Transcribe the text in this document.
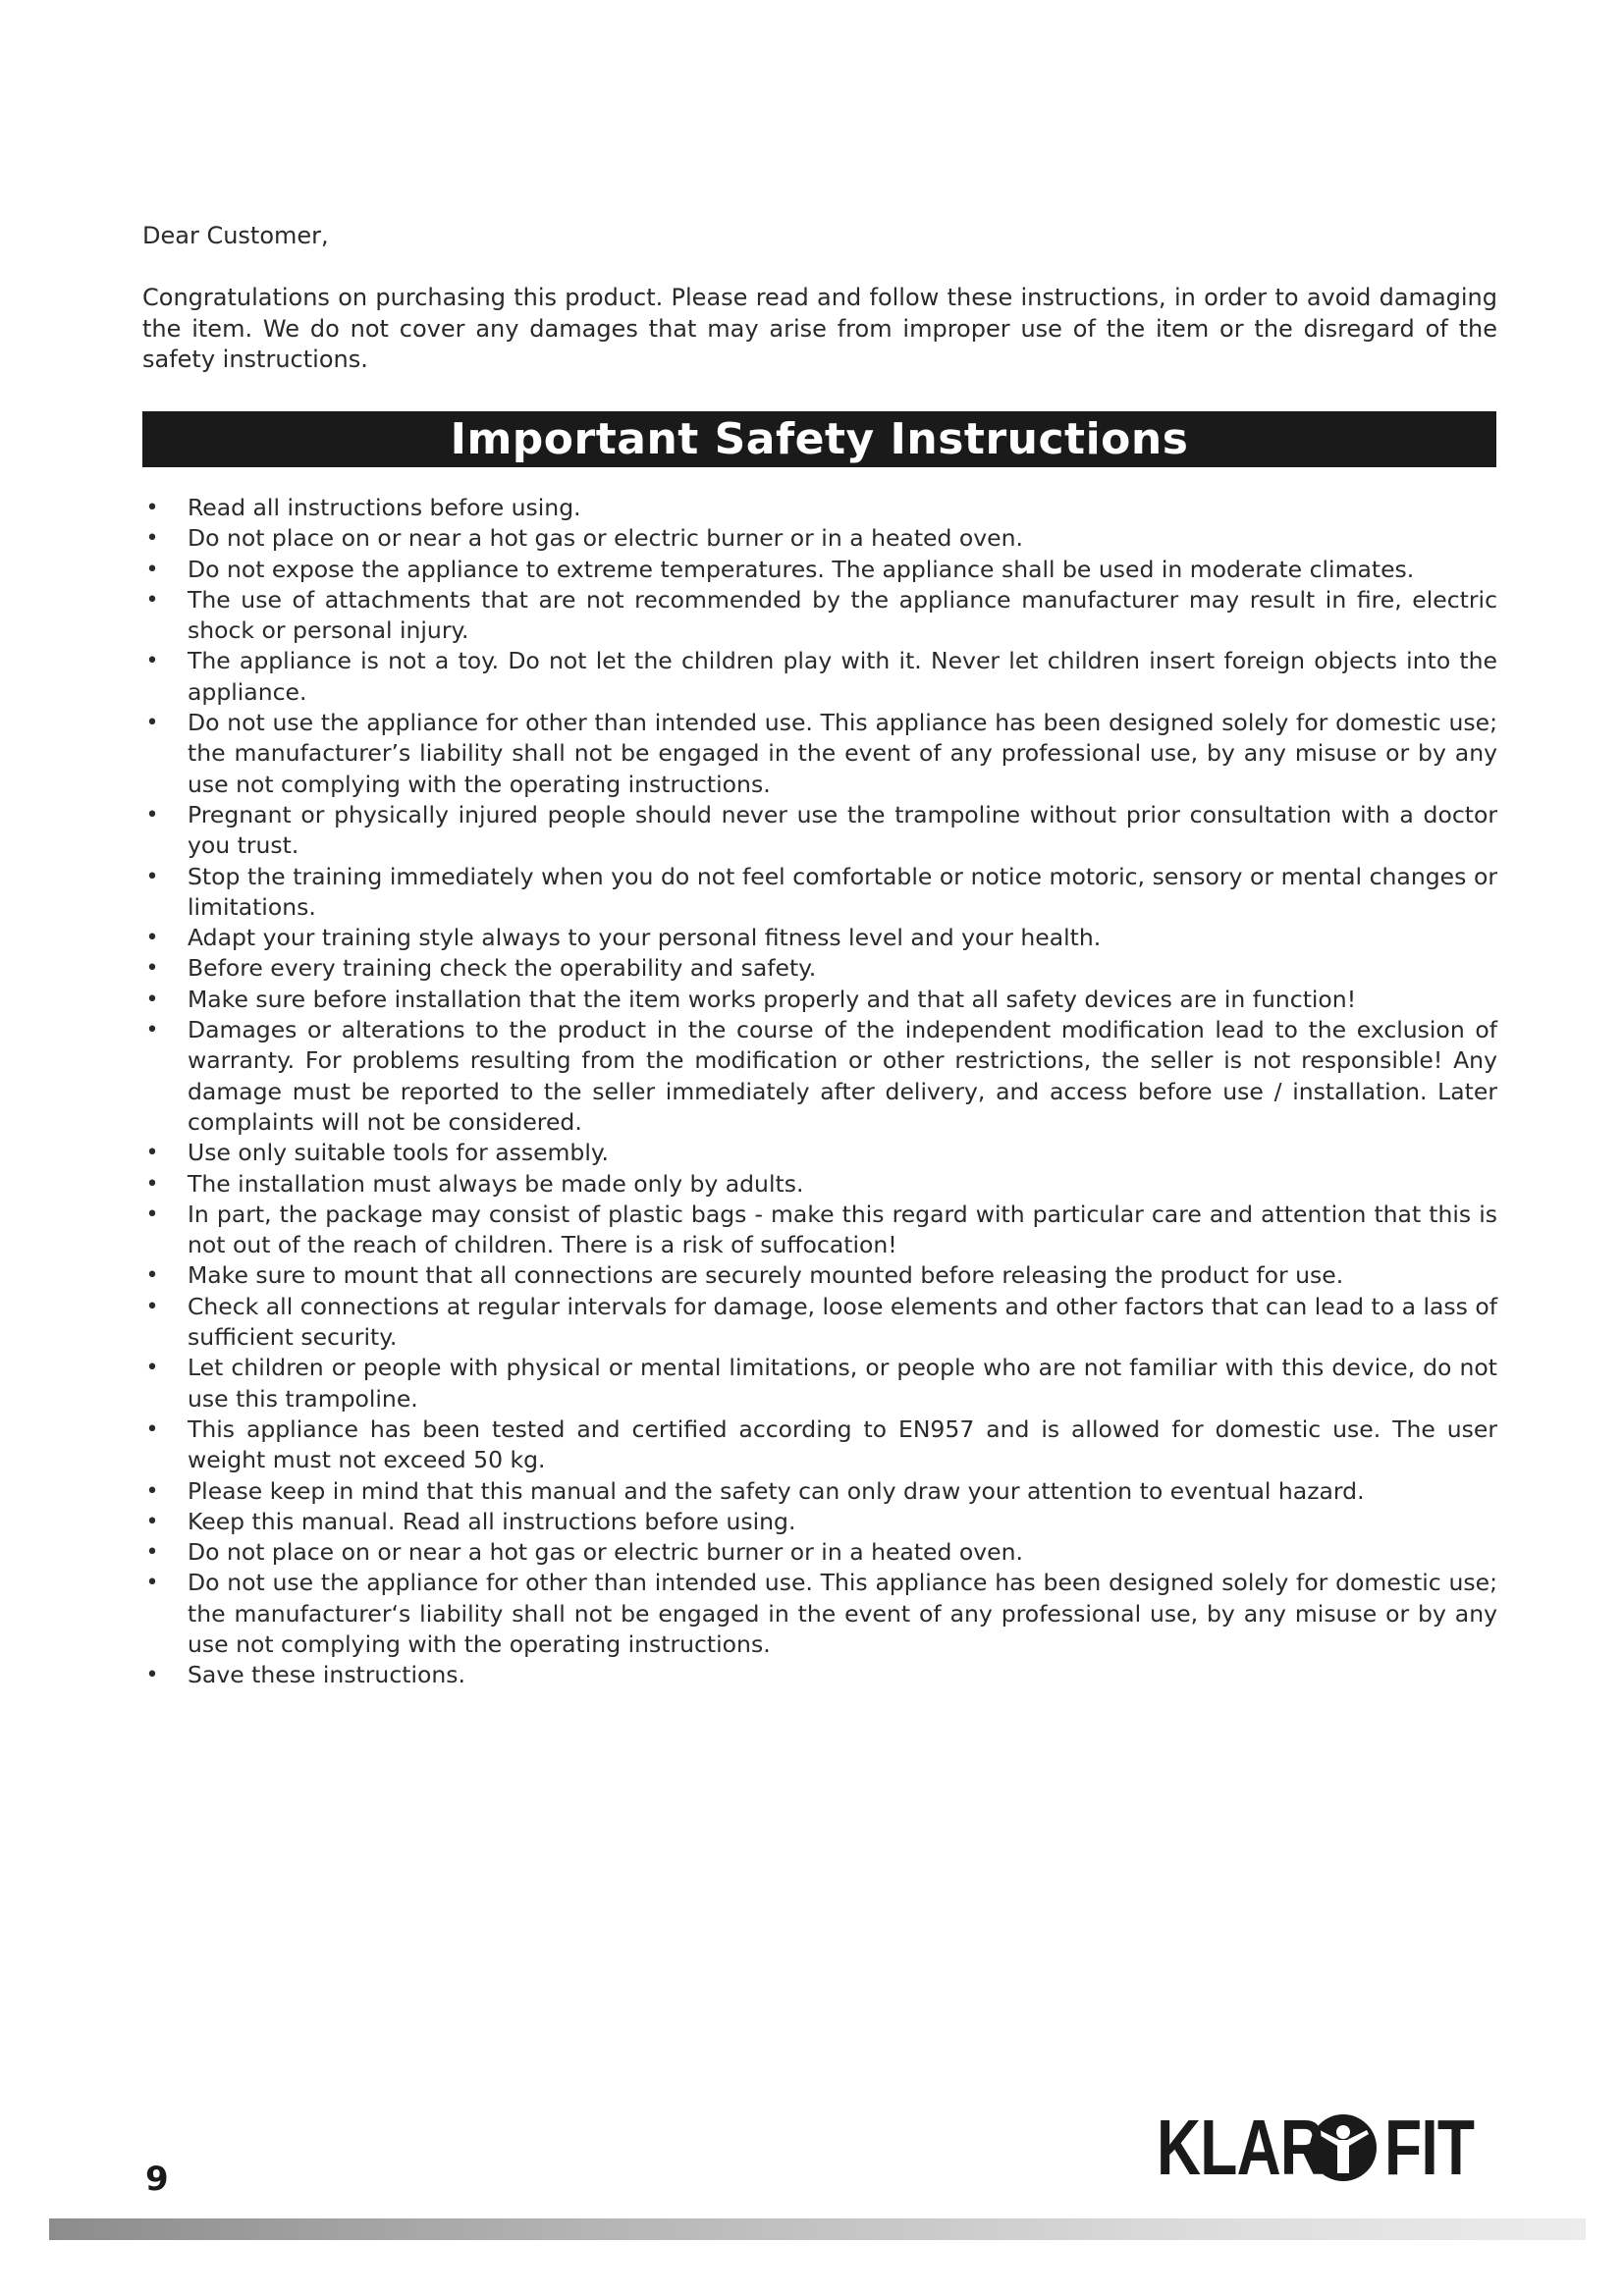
Dear Customer,
Congratulations on purchasing this product. Please read and follow these instructions, in order to avoid damaging the item. We do not cover any damages that may arise from improper use of the item or the disregard of the safety instructions.
Important Safety Instructions
• Read all instructions before using.
• Do not place on or near a hot gas or electric burner or in a heated oven.
• Do not expose the appliance to extreme temperatures. The appliance shall be used in moderate climates.
• The use of attachments that are not recommended by the appliance manufacturer may result in fire, electric shock or personal injury.
• The appliance is not a toy. Do not let the children play with it. Never let children insert foreign objects into the appliance.
• Do not use the appliance for other than intended use. This appliance has been designed solely for domestic use; the manufacturer’s liability shall not be engaged in the event of any professional use, by any misuse or by any use not complying with the operating instructions.
• Pregnant or physically injured people should never use the trampoline without prior consultation with a doctor you trust.
• Stop the training immediately when you do not feel comfortable or notice motoric, sensory or mental changes or limitations.
• Adapt your training style always to your personal fitness level and your health.
• Before every training check the operability and safety.
• Make sure before installation that the item works properly and that all safety devices are in function!
• Damages or alterations to the product in the course of the independent modification lead to the exclusion of warranty. For problems resulting from the modification or other restrictions, the seller is not responsible! Any damage must be reported to the seller immediately after delivery, and access before use / installation. Later complaints will not be considered.
• Use only suitable tools for assembly.
• The installation must always be made only by adults.
• In part, the package may consist of plastic bags - make this regard with particular care and attention that this is not out of the reach of children. There is a risk of suffocation!
• Make sure to mount that all connections are securely mounted before releasing the product for use.
• Check all connections at regular intervals for damage, loose elements and other factors that can lead to a lass of sufficient security.
• Let children or people with physical or mental limitations, or people who are not familiar with this device, do not use this trampoline.
• This appliance has been tested and certified according to EN957 and is allowed for domestic use. The user weight must not exceed 50 kg.
• Please keep in mind that this manual and the safety can only draw your attention to eventual hazard.
• Keep this manual. Read all instructions before using.
• Do not place on or near a hot gas or electric burner or in a heated oven.
• Do not use the appliance for other than intended use. This appliance has been designed solely for domestic use; the manufacturer‘s liability shall not be engaged in the event of any professional use, by any misuse or by any use not complying with the operating instructions.
• Save these instructions.
9	KLAR FIT
